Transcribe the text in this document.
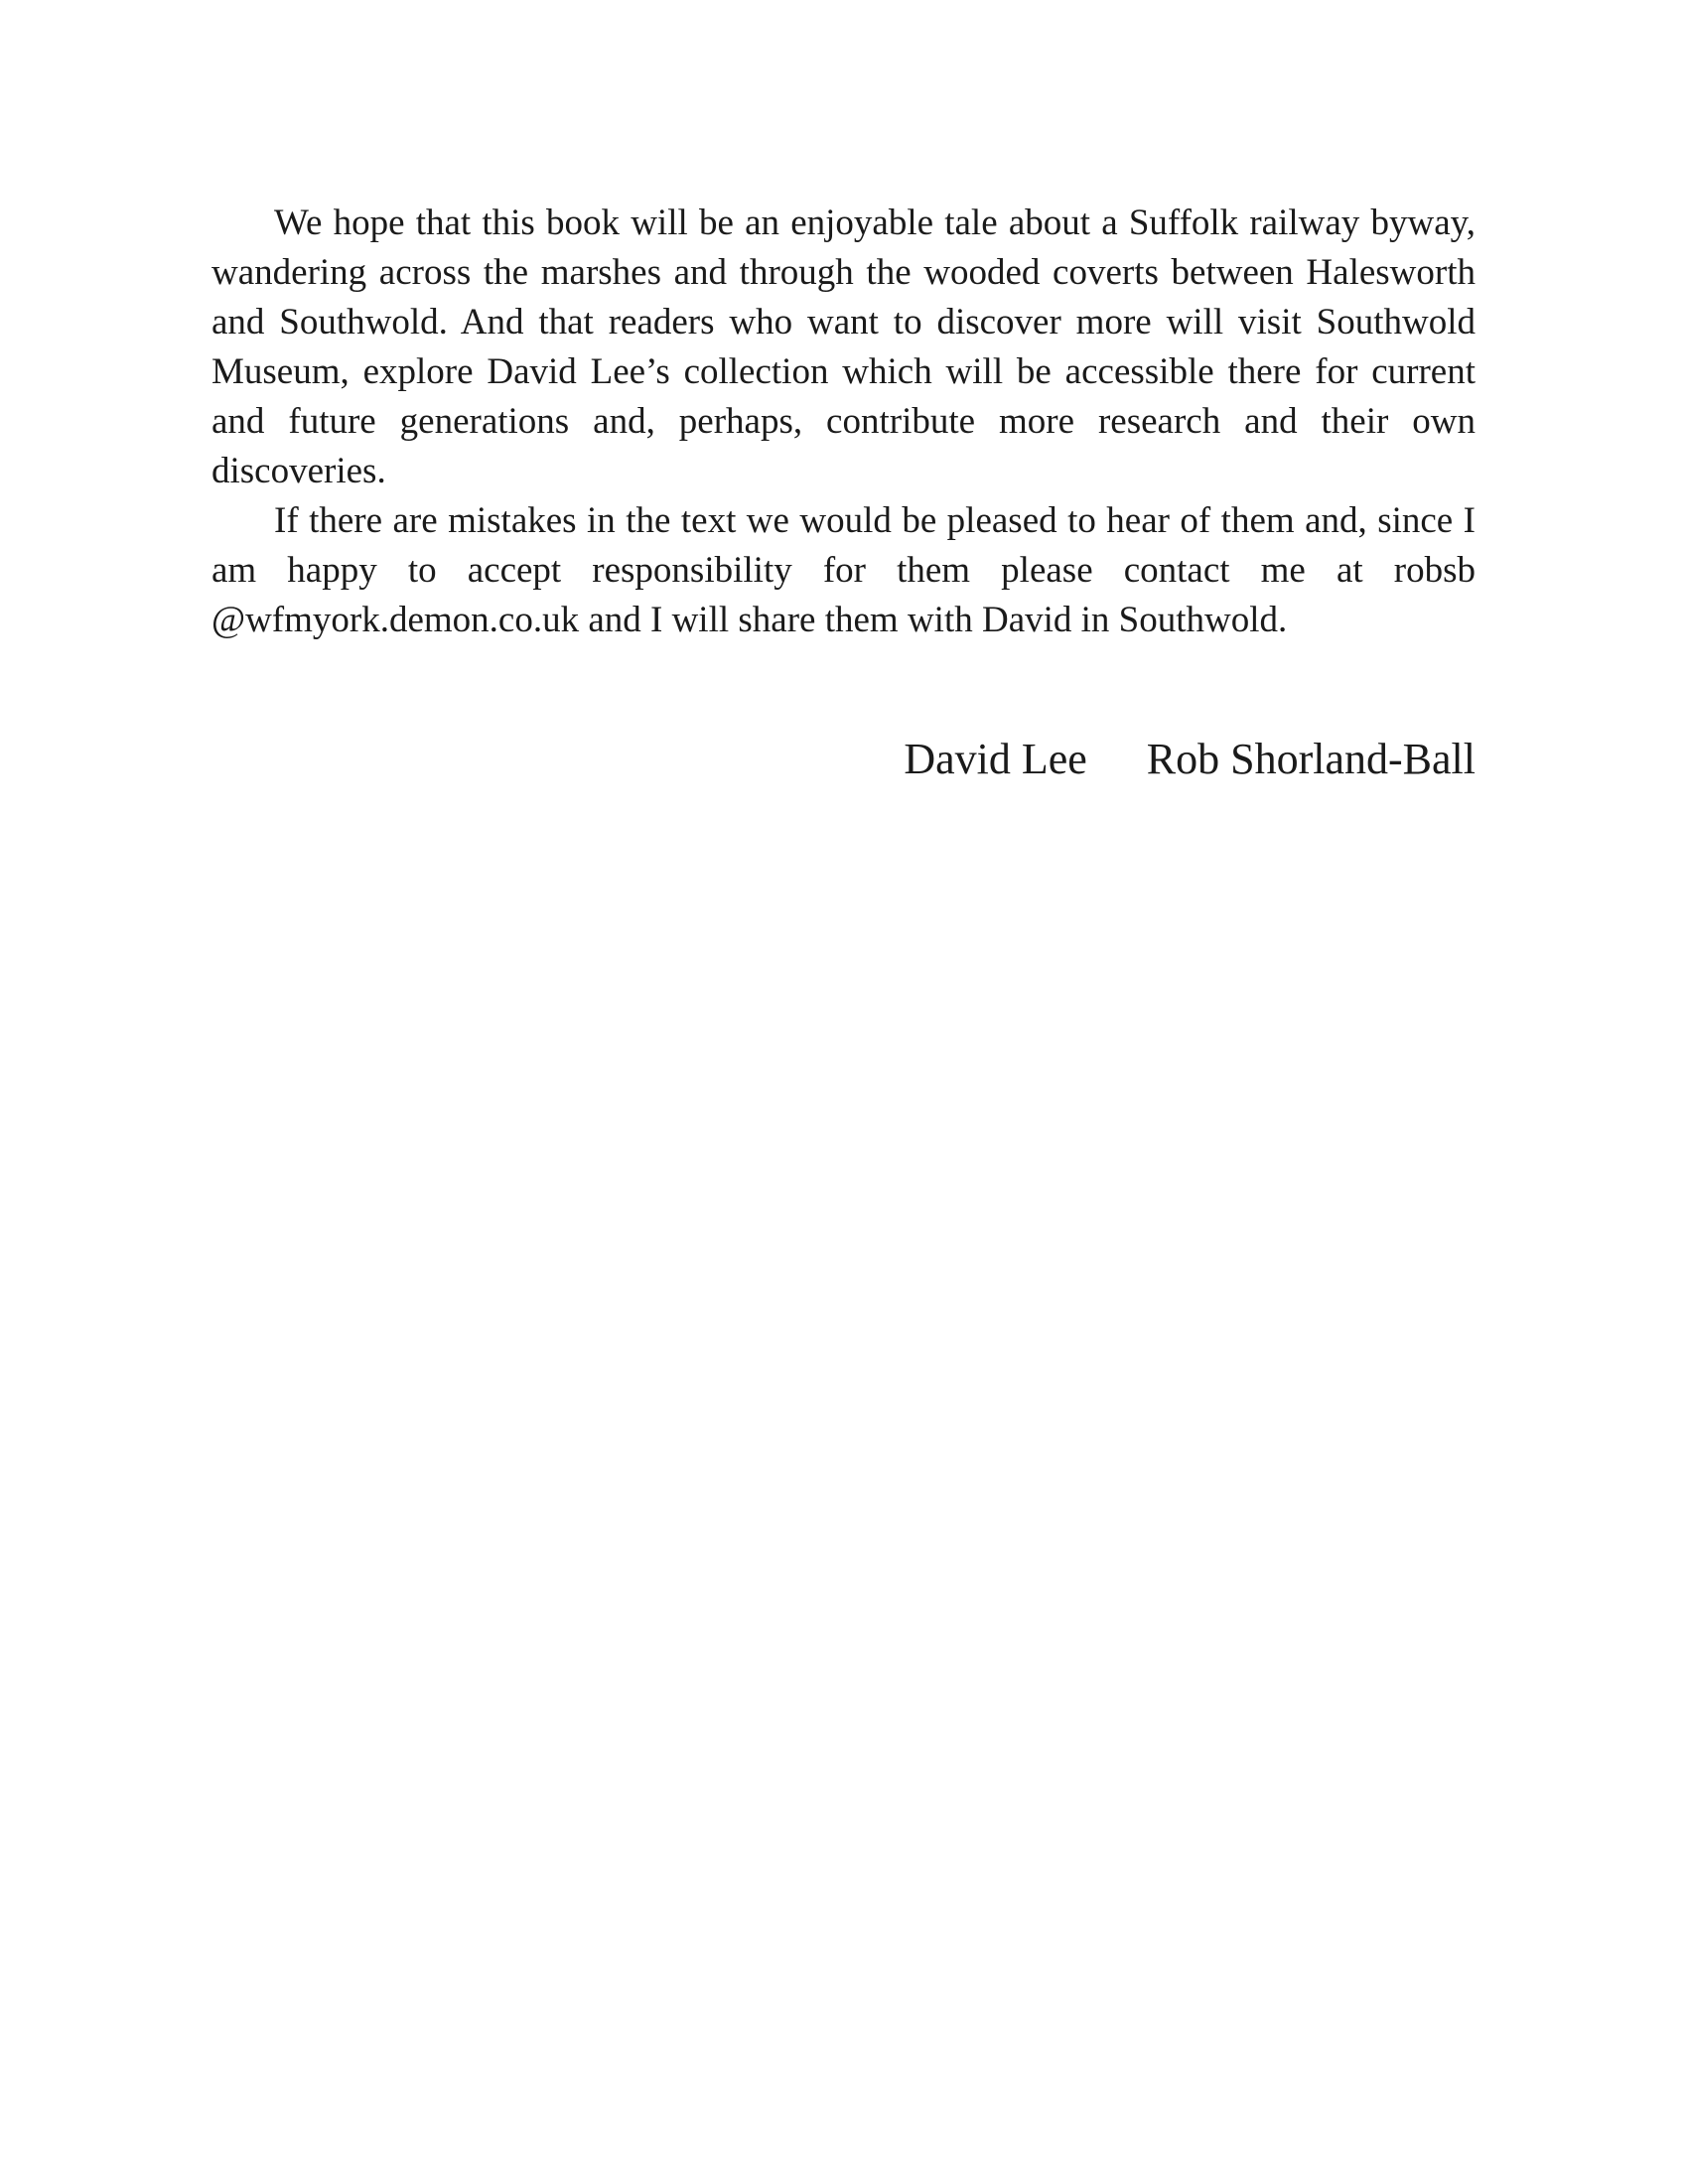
We hope that this book will be an enjoyable tale about a Suffolk railway byway, wandering across the marshes and through the wooded coverts between Halesworth and Southwold. And that readers who want to discover more will visit Southwold Museum, explore David Lee’s collection which will be accessible there for current and future generations and, perhaps, contribute more research and their own discoveries.

If there are mistakes in the text we would be pleased to hear of them and, since I am happy to accept responsibility for them please contact me at robsb @wfmyork.demon.co.uk and I will share them with David in Southwold.

David Lee Rob Shorland-Ball
